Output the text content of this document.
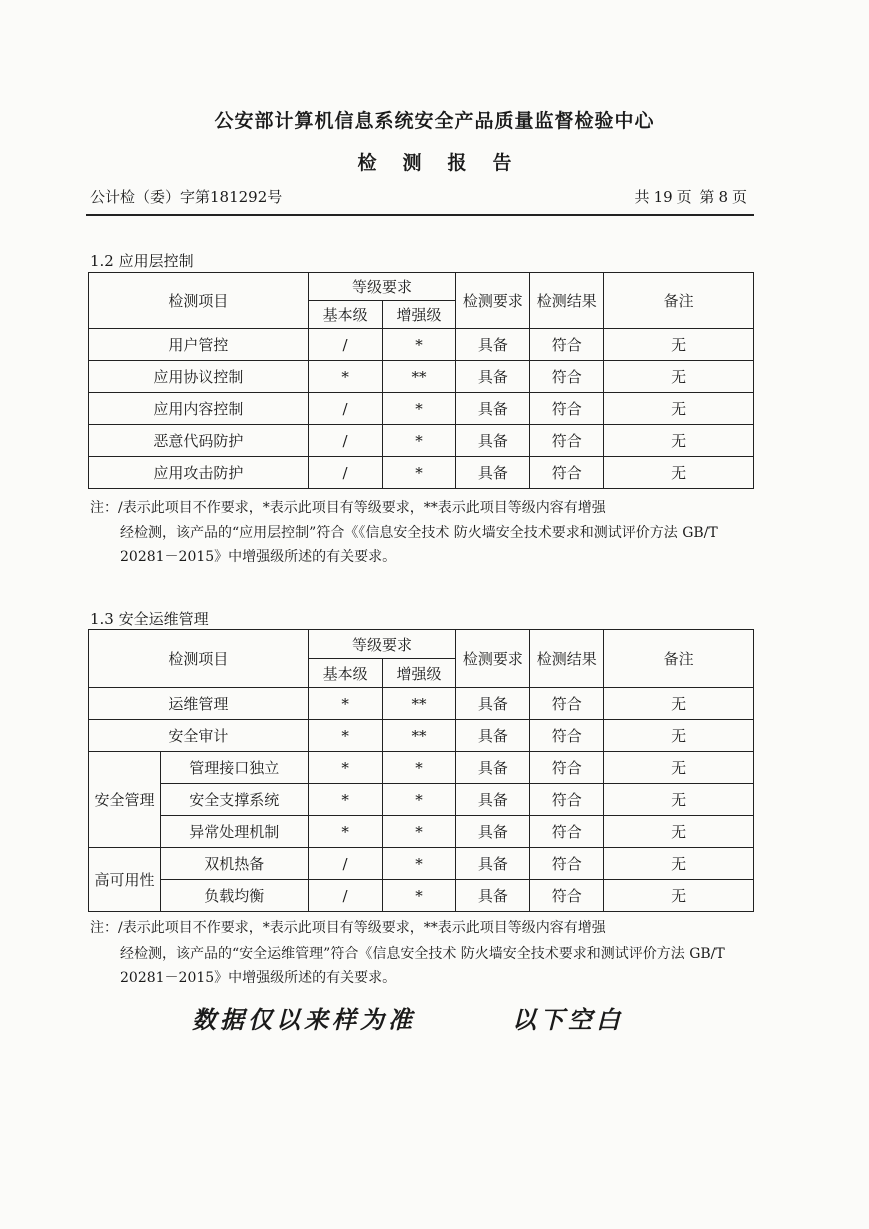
公安部计算机信息系统安全产品质量监督检验中心
检测报告
公计检（委）字第181292号	共 19 页 第 8 页
1.2 应用层控制
检测项目	等级要求		检测要求	检测结果	备注
	基本级	增强级			
用户管控	/	*	具备	符合	无
应用协议控制	*	**	具备	符合	无
应用内容控制	/	*	具备	符合	无
恶意代码防护	/	*	具备	符合	无
应用攻击防护	/	*	具备	符合	无
注：/表示此项目不作要求，*表示此项目有等级要求，**表示此项目等级内容有增强
经检测，该产品的“应用层控制”符合《《信息安全技术 防火墙安全技术要求和测试评价方法 GB/T 20281－2015》中增强级所述的有关要求。
1.3 安全运维管理
检测项目		等级要求		检测要求	检测结果	备注
		基本级	增强级			
运维管理		*	**	具备	符合	无
安全审计		*	**	具备	符合	无
安全管理	管理接口独立	*	*	具备	符合	无
	安全支撑系统	*	*	具备	符合	无
	异常处理机制	*	*	具备	符合	无
高可用性	双机热备	/	*	具备	符合	无
	负载均衡	/	*	具备	符合	无
注：/表示此项目不作要求，*表示此项目有等级要求，**表示此项目等级内容有增强
经检测，该产品的“安全运维管理”符合《信息安全技术 防火墙安全技术要求和测试评价方法 GB/T 20281－2015》中增强级所述的有关要求。
数据仅以来样为准	以下空白
